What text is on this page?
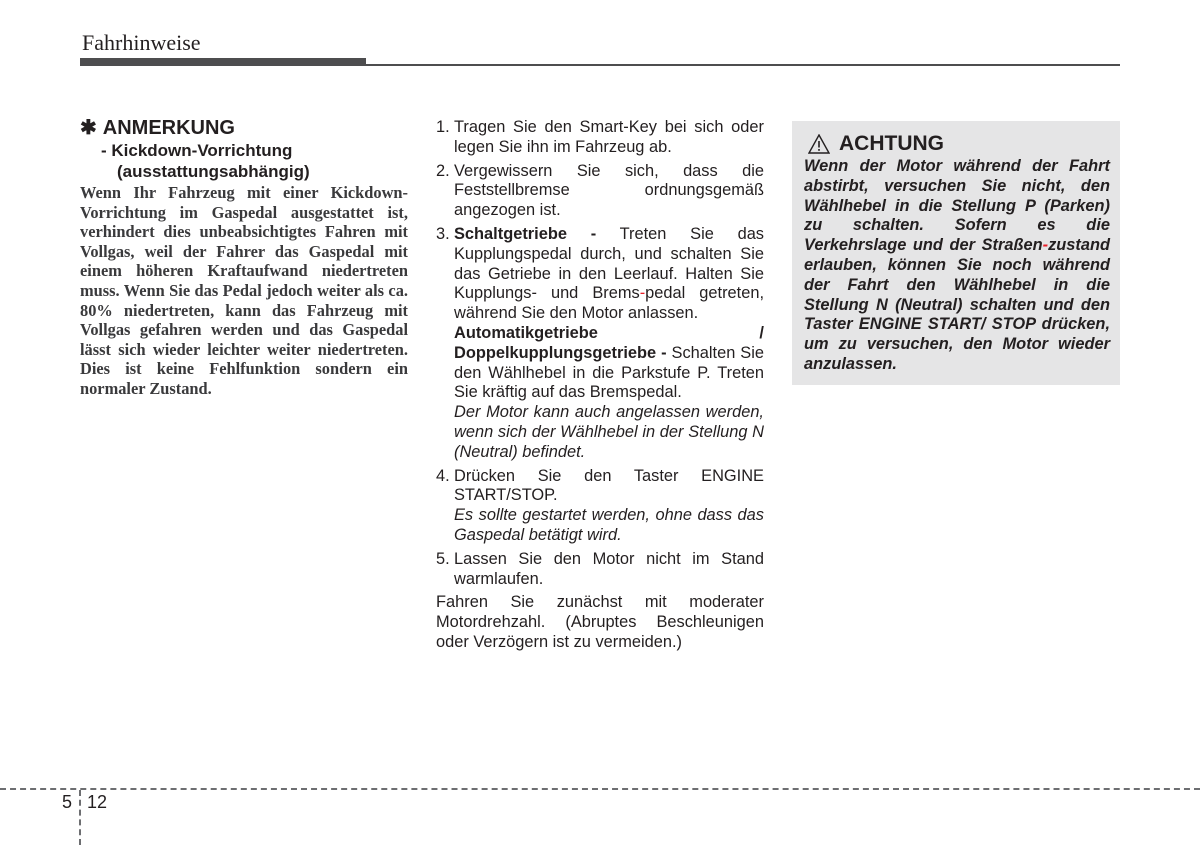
Fahrhinweise
✱ ANMERKUNG
- Kickdown-Vorrichtung
(ausstattungsabhängig)
Wenn Ihr Fahrzeug mit einer Kickdown-Vorrichtung im Gaspedal ausgestattet ist, verhindert dies unbeabsichtigtes Fahren mit Vollgas, weil der Fahrer das Gaspedal mit einem höheren Kraftaufwand niedertreten muss. Wenn Sie das Pedal jedoch weiter als ca. 80% niedertreten, kann das Fahrzeug mit Vollgas gefahren werden und das Gaspedal lässt sich wieder leichter weiter niedertreten. Dies ist keine Fehlfunktion sondern ein normaler Zustand.
1. Tragen Sie den Smart-Key bei sich oder legen Sie ihn im Fahrzeug ab.
2. Vergewissern Sie sich, dass die Feststellbremse ordnungsgemäß angezogen ist.
3. Schaltgetriebe - Treten Sie das Kupplungspedal durch, und schalten Sie das Getriebe in den Leerlauf. Halten Sie Kupplungs- und Brems-pedal getreten, während Sie den Motor anlassen.

Automatikgetriebe / Doppelkupplungsgetriebe - Schalten Sie den Wählhebel in die Parkstufe P. Treten Sie kräftig auf das Bremspedal.

Der Motor kann auch angelassen werden, wenn sich der Wählhebel in der Stellung N (Neutral) befindet.

4. Drücken Sie den Taster ENGINE START/STOP.

Es sollte gestartet werden, ohne dass das Gaspedal betätigt wird.

5. Lassen Sie den Motor nicht im Stand warmlaufen.

Fahren Sie zunächst mit moderater Motordrehzahl. (Abruptes Beschleunigen oder Verzögern ist zu vermeiden.)

ACHTUNG
Wenn der Motor während der Fahrt abstirbt, versuchen Sie nicht, den Wählhebel in die Stellung P (Parken) zu schalten. Sofern es die Verkehrslage und der Straßen-zustand erlauben, können Sie noch während der Fahrt den Wählhebel in die Stellung N (Neutral) schalten und den Taster ENGINE START/ STOP drücken, um zu versuchen, den Motor wieder anzulassen.
5 12
